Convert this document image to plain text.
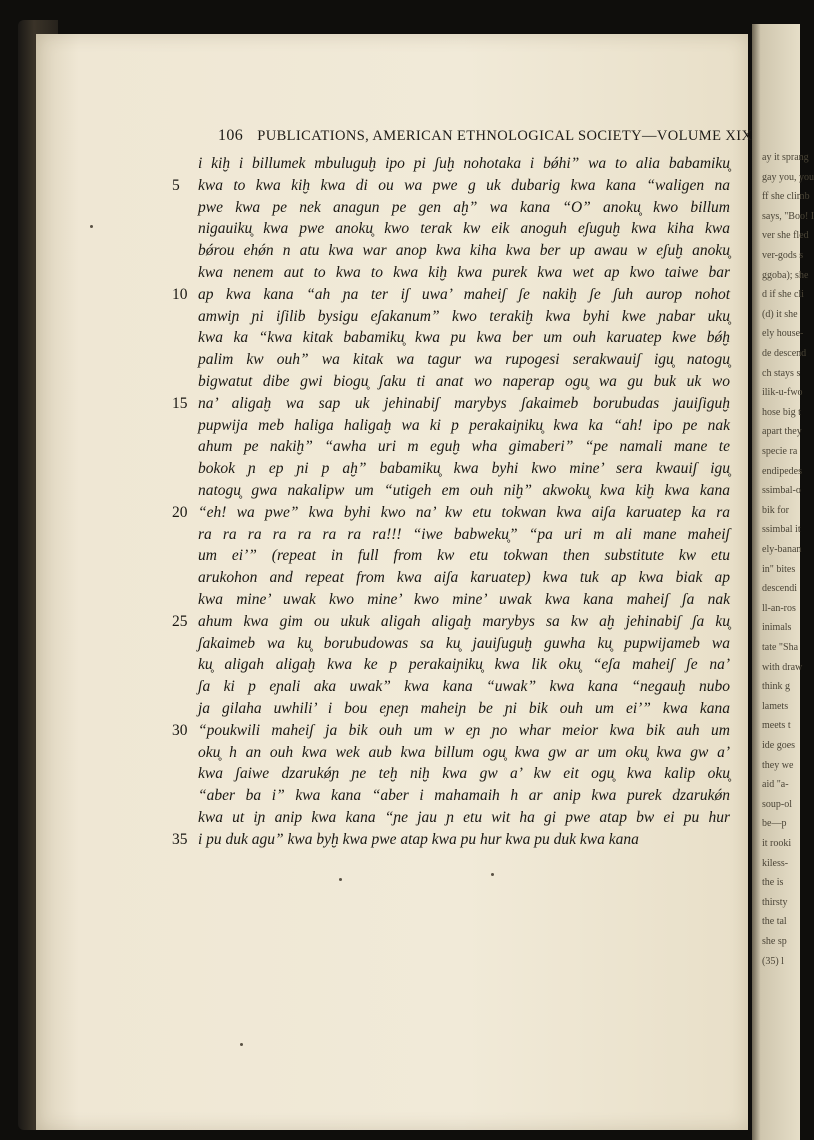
ay it sprang
gay you, you
ff she climb
says, "Boo! I
ver she fled
ver-gods s
ggoba); she
d if she cli
(d) it she
ely house-
de descend
ch stays s
ilik-u-fwo
hose big t
apart they
specie ra
endipedes
ssimbal-o
bik for
ssimbal it
ely-banan
in" bites
descendi
ll-an-ros
inimals
tate "Sha
with draw
think g
lamets
meets t
ide goes
they we
aid "a-
soup-ol
be—p
it rooki
kiless-
the is
thirsty
the tal
she sp
(35) l
106 PUBLICATIONS, AMERICAN ETHNOLOGICAL SOCIETY—VOLUME XIX
i kiḫ i billumek mbuluguḫ ipo pi ʃuḫ nohotaka i bǿhi” wa to alia babamiku̥
5	kwa to kwa kiḫ kwa di ou wa pwe g uk dubarig kwa kana “waligen na
pwe kwa pe nek anagun pe gen aḫ” wa kana “O” anoku̥ kwo billum
nigauiku̥ kwa pwe anoku̥ kwo terak kw eik anoguh eʃuguḫ kwa kiha kwa
bǿrou ehǿn n atu kwa war anop kwa kiha kwa ber up awau w eʃuḫ anoku̥
kwa nenem aut to kwa to kwa kiḫ kwa purek kwa wet ap kwo taiwe bar
10 ap kwa kana “ah ɲa ter iʃ uwa’ maheiʃ ʃe nakiḫ ʃe ʃuh aurop nohot
amwiɲ ɲi iʃilib bysigu eʃakanum” kwo terakiḫ kwa byhi kwe ɲabar uku̥
kwa ka “kwa kitak babamiku̥ kwa pu kwa ber um ouh karuatep kwe bǿḫ
palim kw ouh” wa kitak wa tagur wa rupogesi serakwauiʃ igu̥ natogu̥
bigwatut dibe gwi biogu̥ ʃaku ti anat wo naperap ogu̥ wa gu buk uk wo
15 na’ aligaḫ wa sap uk jehinabiʃ marybys ʃakaimeb borubudas jauiʃiguḫ
pupwija meb haliga haligaḫ wa ki p perakaiɲiku̥ kwa ka “ah! ipo pe nak
ahum pe nakiḫ” “awha uri m eguḫ wha gimaberi” “pe namali mane te
bokok ɲ ep ɲi p aḫ” babamiku̥ kwa byhi kwo mine’ sera kwauiʃ igu̥
natogu̥ gwa nakalipw um “utigeh em ouh niḫ” akwoku̥ kwa kiḫ kwa kana
20 “eh! wa pwe” kwa byhi kwo na’ kw etu tokwan kwa aiʃa karuatep ka ra
ra ra ra ra ra ra ra ra!!! “iwe babweku̥” “pa uri m ali mane maheiʃ
um ei’” (repeat in full from kw etu tokwan then substitute kw etu
arukohon and repeat from kwa aiʃa karuatep) kwa tuk ap kwa biak ap
kwa mine’ uwak kwo mine’ kwo mine’ uwak kwa kana maheiʃ ʃa nak
25 ahum kwa gim ou ukuk aligah aligaḫ marybys sa kw aḫ jehinabiʃ ʃa ku̥
ʃakaimeb wa ku̥ borubudowas sa ku̥ jauiʃuguḫ guwha ku̥ pupwijameb wa
ku̥ aligah aligaḫ kwa ke p perakaiɲiku̥ kwa lik oku̥ “eʃa maheiʃ ʃe na’
ʃa ki p eɲali aka uwak” kwa kana “uwak” kwa kana “negauḫ nubo
ja gilaha uwhili’ i bou eɲeɲ maheiɲ be ɲi bik ouh um ei’” kwa kana
30 “poukwili maheiʃ ja bik ouh um w eɲ ɲo whar meior kwa bik auh um
oku̥ h an ouh kwa wek aub kwa billum ogu̥ kwa gw ar um oku̥ kwa gw a’
kwa ʃaiwe dzarukǿɲ ɲe teḫ niḫ kwa gw a’ kw eit ogu̥ kwa kalip oku̥
“aber ba i” kwa kana “aber i mahamaih h ar anip kwa purek dzarukǿn
kwa ut iɲ anip kwa kana “ɲe jau ɲ etu wit ha gi pwe atap bw ei pu hur
35 i pu duk agu” kwa byḫ kwa pwe atap kwa pu hur kwa pu duk kwa kana
